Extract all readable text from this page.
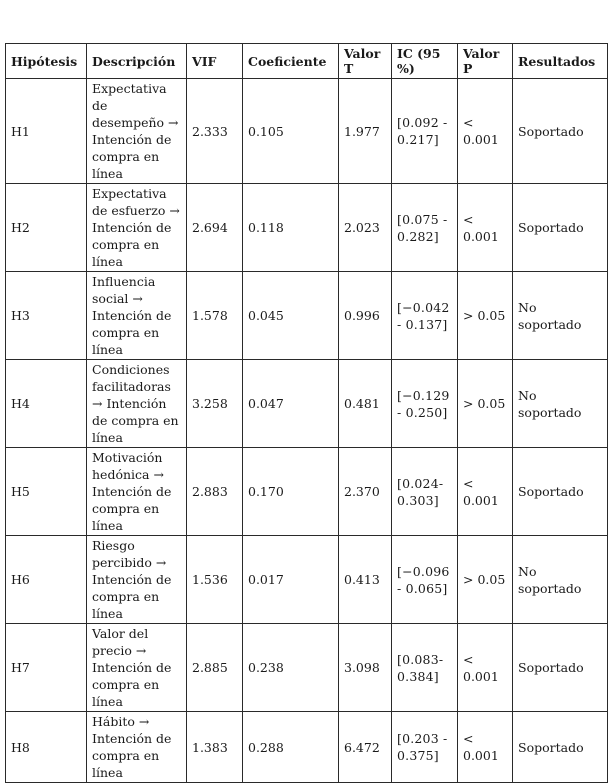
Hipótesis	Descripción	VIF	Coeficiente	Valor T	IC (95 %)	Valor P	Resultados
H1	Expectativa de desempeño → Intención de compra en línea	2.333	0.105	1.977	[0.092 - 0.217]	< 0.001	Soportado
H2	Expectativa de esfuerzo → Intención de compra en línea	2.694	0.118	2.023	[0.075 - 0.282]	< 0.001	Soportado
H3	Influencia social → Intención de compra en línea	1.578	0.045	0.996	[−0.042 - 0.137]	> 0.05	No soportado
H4	Condiciones facilitadoras → Intención de compra en línea	3.258	0.047	0.481	[−0.129 - 0.250]	> 0.05	No soportado
H5	Motivación hedónica → Intención de compra en línea	2.883	0.170	2.370	[0.024- 0.303]	< 0.001	Soportado
H6	Riesgo percibido → Intención de compra en línea	1.536	0.017	0.413	[−0.096 - 0.065]	> 0.05	No soportado
H7	Valor del precio → Intención de compra en línea	2.885	0.238	3.098	[0.083- 0.384]	< 0.001	Soportado
H8	Hábito → Intención de compra en línea	1.383	0.288	6.472	[0.203 - 0.375]	< 0.001	Soportado
